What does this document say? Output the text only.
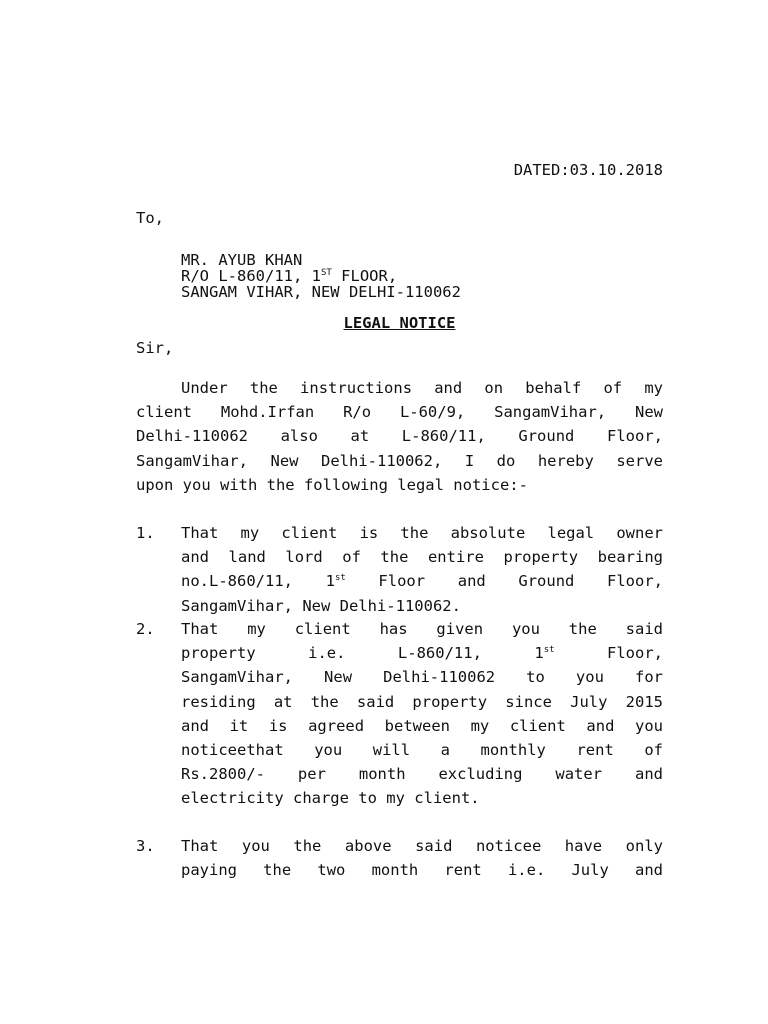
DATED:03.10.2018
To,
MR. AYUB KHAN
R/O L-860/11, 1ST FLOOR,
SANGAM VIHAR, NEW DELHI-110062
LEGAL NOTICE
Sir,
Under the instructions and on behalf of my
client Mohd.Irfan R/o L-60/9, SangamVihar, New
Delhi-110062 also at L-860/11, Ground Floor,
SangamVihar, New Delhi-110062, I do hereby serve
upon you with the following legal notice:-
1. That my client is the absolute legal owner
and land lord of the entire property bearing
no.L-860/11, 1st Floor and Ground Floor,
SangamVihar, New Delhi-110062.
2. That my client has given you the said
property i.e. L-860/11, 1st Floor,
SangamVihar, New Delhi-110062 to you for
residing at the said property since July 2015
and it is agreed between my client and you
noticeethat you will a monthly rent of
Rs.2800/- per month excluding water and
electricity charge to my client.
3. That you the above said noticee have only
paying the two month rent i.e. July and
